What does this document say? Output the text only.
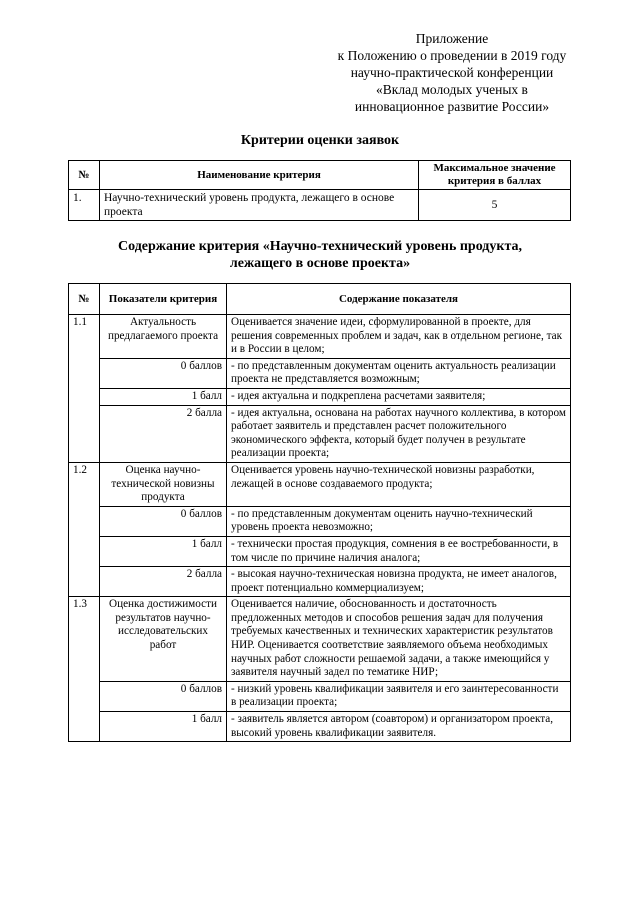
Приложение
к Положению о проведении в 2019 году
научно-практической конференции
«Вклад молодых ученых в
инновационное развитие России»
Критерии оценки заявок
№	Наименование критерия	Максимальное значение критерия в баллах
1.	Научно-технический уровень продукта, лежащего в основе проекта	5
Содержание критерия «Научно-технический уровень продукта, лежащего в основе проекта»
№	Показатели критерия	Содержание показателя
1.1	Актуальность предлагаемого проекта	Оценивается значение идеи, сформулированной в проекте, для решения современных проблем и задач, как в отдельном регионе, так и в России в целом;
	0 баллов	- по представленным документам оценить актуальность реализации проекта не представляется возможным;
	1 балл	- идея актуальна и подкреплена расчетами заявителя;
	2 балла	- идея актуальна, основана на работах научного коллектива, в котором работает заявитель и представлен расчет положительного экономического эффекта, который будет получен в результате реализации проекта;
1.2	Оценка научно-технической новизны продукта	Оценивается уровень научно-технической новизны разработки, лежащей в основе создаваемого продукта;
	0 баллов	- по представленным документам оценить научно-технический уровень проекта невозможно;
	1 балл	- технически простая продукция, сомнения в ее востребованности, в том числе по причине наличия аналога;
	2 балла	- высокая научно-техническая новизна продукта, не имеет аналогов, проект потенциально коммерциализуем;
1.3	Оценка достижимости результатов научно-исследовательских работ	Оценивается наличие, обоснованность и достаточность предложенных методов и способов решения задач для получения требуемых качественных и технических характеристик результатов НИР. Оценивается соответствие заявляемого объема необходимых научных работ сложности решаемой задачи, а также имеющийся у заявителя научный задел по тематике НИР;
	0 баллов	- низкий уровень квалификации заявителя и его заинтересованности в реализации проекта;
	1 балл	- заявитель является автором (соавтором) и организатором проекта, высокий уровень квалификации заявителя.
